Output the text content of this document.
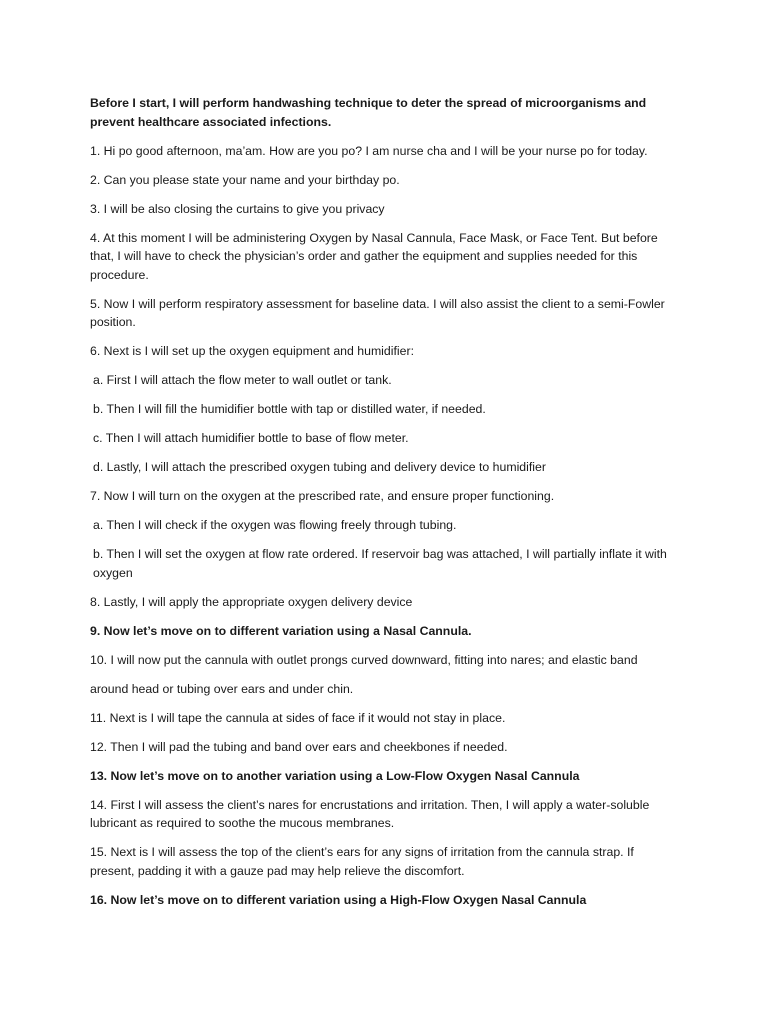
Before I start, I will perform handwashing technique to deter the spread of microorganisms and prevent healthcare associated infections.

1. Hi po good afternoon, ma’am. How are you po? I am nurse cha and I will be your nurse po for today.

2. Can you please state your name and your birthday po.

3. I will be also closing the curtains to give you privacy

4. At this moment I will be administering Oxygen by Nasal Cannula, Face Mask, or Face Tent. But before that, I will have to check the physician’s order and gather the equipment and supplies needed for this procedure.

5. Now I will perform respiratory assessment for baseline data. I will also assist the client to a semi-Fowler position.

6. Next is I will set up the oxygen equipment and humidifier:

a. First I will attach the flow meter to wall outlet or tank.

b. Then I will fill the humidifier bottle with tap or distilled water, if needed.

c. Then I will attach humidifier bottle to base of flow meter.

d. Lastly, I will attach the prescribed oxygen tubing and delivery device to humidifier

7. Now I will turn on the oxygen at the prescribed rate, and ensure proper functioning.

a. Then I will check if the oxygen was flowing freely through tubing.

b. Then I will set the oxygen at flow rate ordered. If reservoir bag was attached, I will partially inflate it with oxygen

8. Lastly, I will apply the appropriate oxygen delivery device

9. Now let’s move on to different variation using a Nasal Cannula.

10. I will now put the cannula with outlet prongs curved downward, fitting into nares; and elastic band

around head or tubing over ears and under chin.

11. Next is I will tape the cannula at sides of face if it would not stay in place.

12. Then I will pad the tubing and band over ears and cheekbones if needed.

13. Now let’s move on to another variation using a Low-Flow Oxygen Nasal Cannula

14. First I will assess the client’s nares for encrustations and irritation. Then, I will apply a water-soluble lubricant as required to soothe the mucous membranes.

15. Next is I will assess the top of the client’s ears for any signs of irritation from the cannula strap. If present, padding it with a gauze pad may help relieve the discomfort.

16. Now let’s move on to different variation using a High-Flow Oxygen Nasal Cannula
